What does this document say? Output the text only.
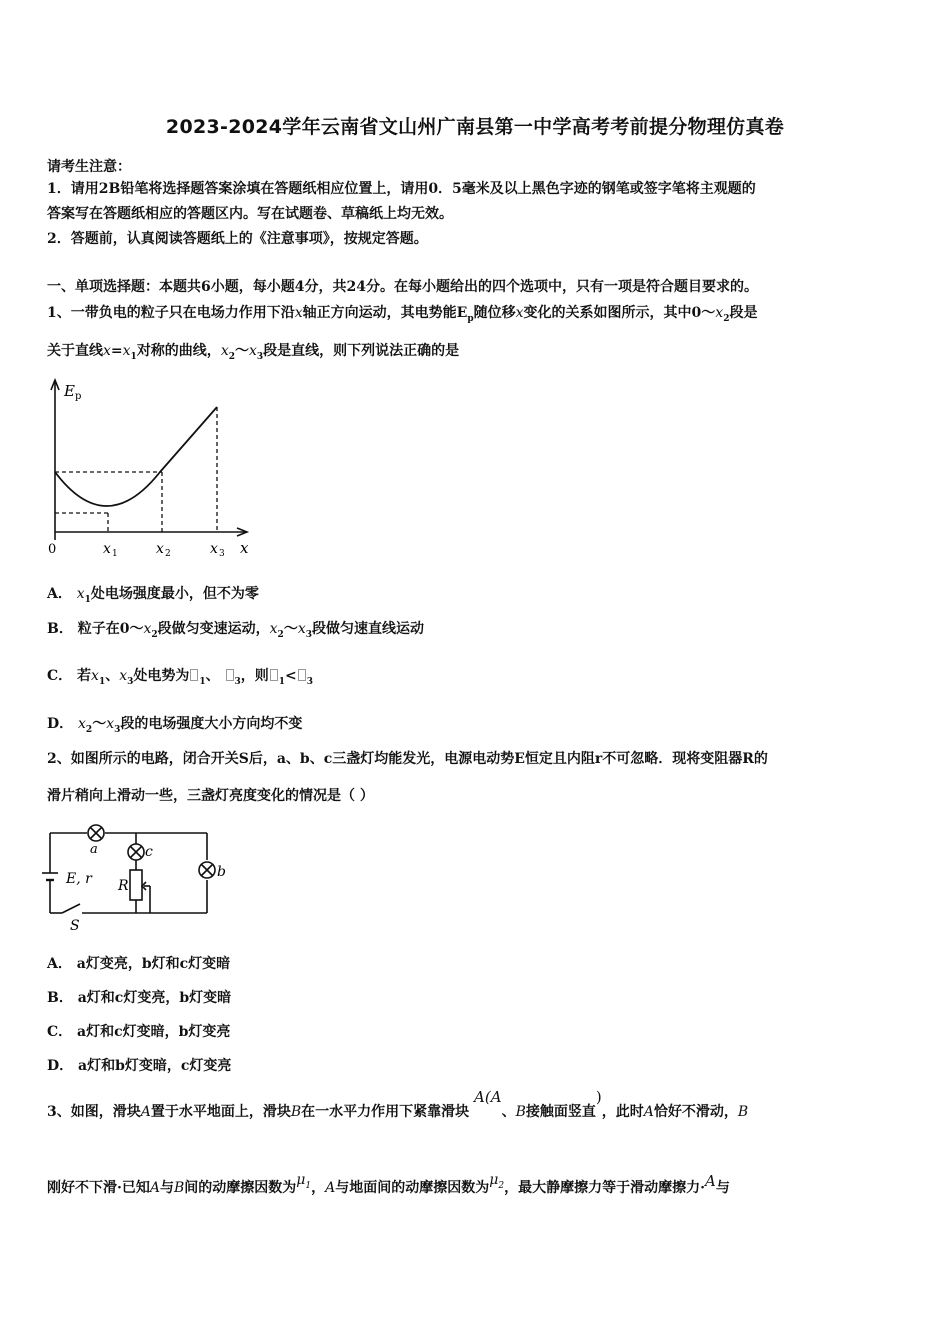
2023-2024学年云南省文山州广南县第一中学高考考前提分物理仿真卷
请考生注意：
1．请用2B铅笔将选择题答案涂填在答题纸相应位置上，请用0．5毫米及以上黑色字迹的钢笔或签字笔将主观题的
答案写在答题纸相应的答题区内。写在试题卷、草稿纸上均无效。
2．答题前，认真阅读答题纸上的《注意事项》，按规定答题。
一、单项选择题：本题共6小题，每小题4分，共24分。在每小题给出的四个选项中，只有一项是符合题目要求的。
1、一带负电的粒子只在电场力作用下沿x轴正方向运动，其电势能$E_p$随位移x变化的关系如图所示，其中$0\sim x_2$段是
关于直线$x=x_1$对称的曲线，$x_2\sim x_3$段是直线，则下列说法正确的是
E p
0	x 1	x 2	x 3 x
A． $x_1$处电场强度最小，但不为零
B． 粒子在$0\sim x_2$段做匀变速运动，$x_2\sim x_3$段做匀速直线运动
C． 若$x_1$、$x_3$处电势为 $_1$、 $_3$，则 $_1$< $_3$
D． $x_2\sim x_3$段的电场强度大小方向均不变
2、如图所示的电路，闭合开关S后，a、b、c三盏灯均能发光，电源电动势E恒定且内阻r不可忽略．现将变阻器R的
滑片稍向上滑动一些，三盏灯亮度变化的情况是（ ）
a	c
b
E, r R
S
A． a灯变亮，b灯和c灯变暗
B． a灯和c灯变亮，b灯变暗
C． a灯和c灯变暗，b灯变亮
D． a灯和b灯变暗，c灯变亮
3、如图，滑块A置于水平地面上，滑块B在一水平力作用下紧靠滑块 A(A、B接触面竖直)，此时A恰好不滑动，B
刚好不下滑·已知A与B间的动摩擦因数为$\mu_1$，A与地面间的动摩擦因数为$\mu_2$，最大静摩擦力等于滑动摩擦力·A与
